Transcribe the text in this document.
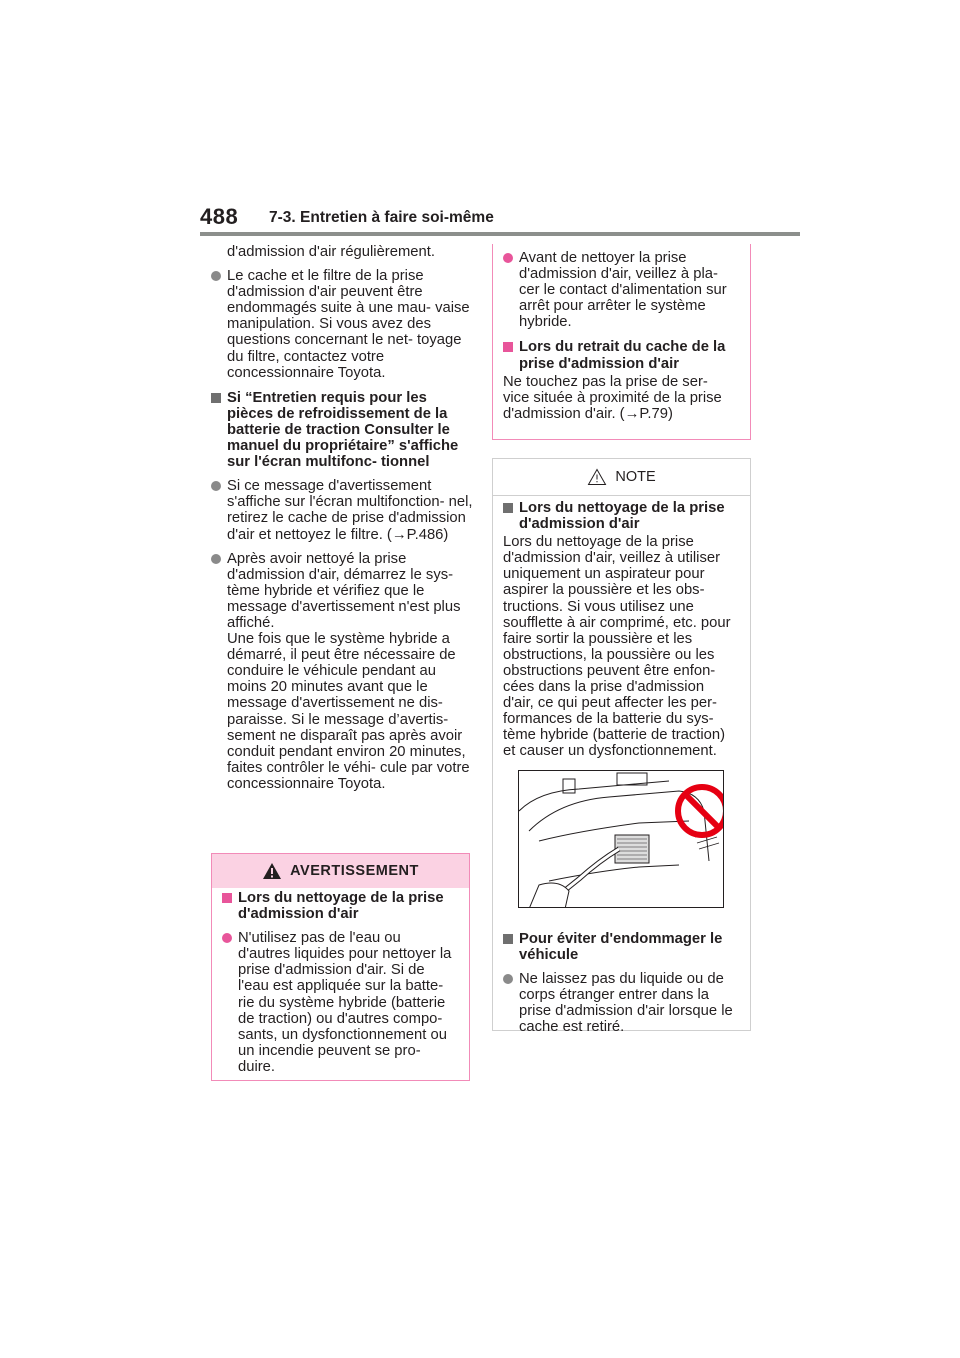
488 7-3. Entretien à faire soi-même

d'admission d'air régulièrement.

Le cache et le filtre de la prise d'admission d'air peuvent être endommagés suite à une mau- vaise manipulation. Si vous avez des questions concernant le net- toyage du filtre, contactez votre concessionnaire Toyota.

Si “Entretien requis pour les pièces de refroidissement de la batterie de traction Consulter le manuel du propriétaire” s'affiche sur l'écran multifonc- tionnel

Si ce message d'avertissement s'affiche sur l'écran multifonction- nel, retirez le cache de prise d'admission d'air et nettoyez le filtre. (→P.486)

Après avoir nettoyé la prise d'admission d'air, démarrez le sys- tème hybride et vérifiez que le message d'avertissement n'est plus affiché.

Une fois que le système hybride a démarré, il peut être nécessaire de conduire le véhicule pendant au moins 20 minutes avant que le message d'avertissement ne dis- paraisse. Si le message d’avertis- sement ne disparaît pas après avoir conduit pendant environ 20 minutes, faites contrôler le véhi- cule par votre concessionnaire Toyota.

AVERTISSEMENT

Lors du nettoyage de la prise d'admission d'air

N'utilisez pas de l'eau ou d'autres liquides pour nettoyer la prise d'admission d'air. Si de l'eau est appliquée sur la batte- rie du système hybride (batterie de traction) ou d'autres compo- sants, un dysfonctionnement ou un incendie peuvent se pro- duire.

Avant de nettoyer la prise d'admission d'air, veillez à pla- cer le contact d'alimentation sur arrêt pour arrêter le système hybride.

Lors du retrait du cache de la prise d'admission d'air

Ne touchez pas la prise de ser- vice située à proximité de la prise d'admission d'air. (→P.79)

NOTE

Lors du nettoyage de la prise d'admission d'air

Lors du nettoyage de la prise d'admission d'air, veillez à utiliser uniquement un aspirateur pour aspirer la poussière et les obs- tructions. Si vous utilisez une soufflette à air comprimé, etc. pour faire sortir la poussière et les obstructions, la poussière ou les obstructions peuvent être enfon- cées dans la prise d'admission d'air, ce qui peut affecter les per- formances de la batterie du sys- tème hybride (batterie de traction) et causer un dysfonctionnement.

Pour éviter d'endommager le véhicule

Ne laissez pas du liquide ou de corps étranger entrer dans la prise d'admission d'air lorsque le cache est retiré.
